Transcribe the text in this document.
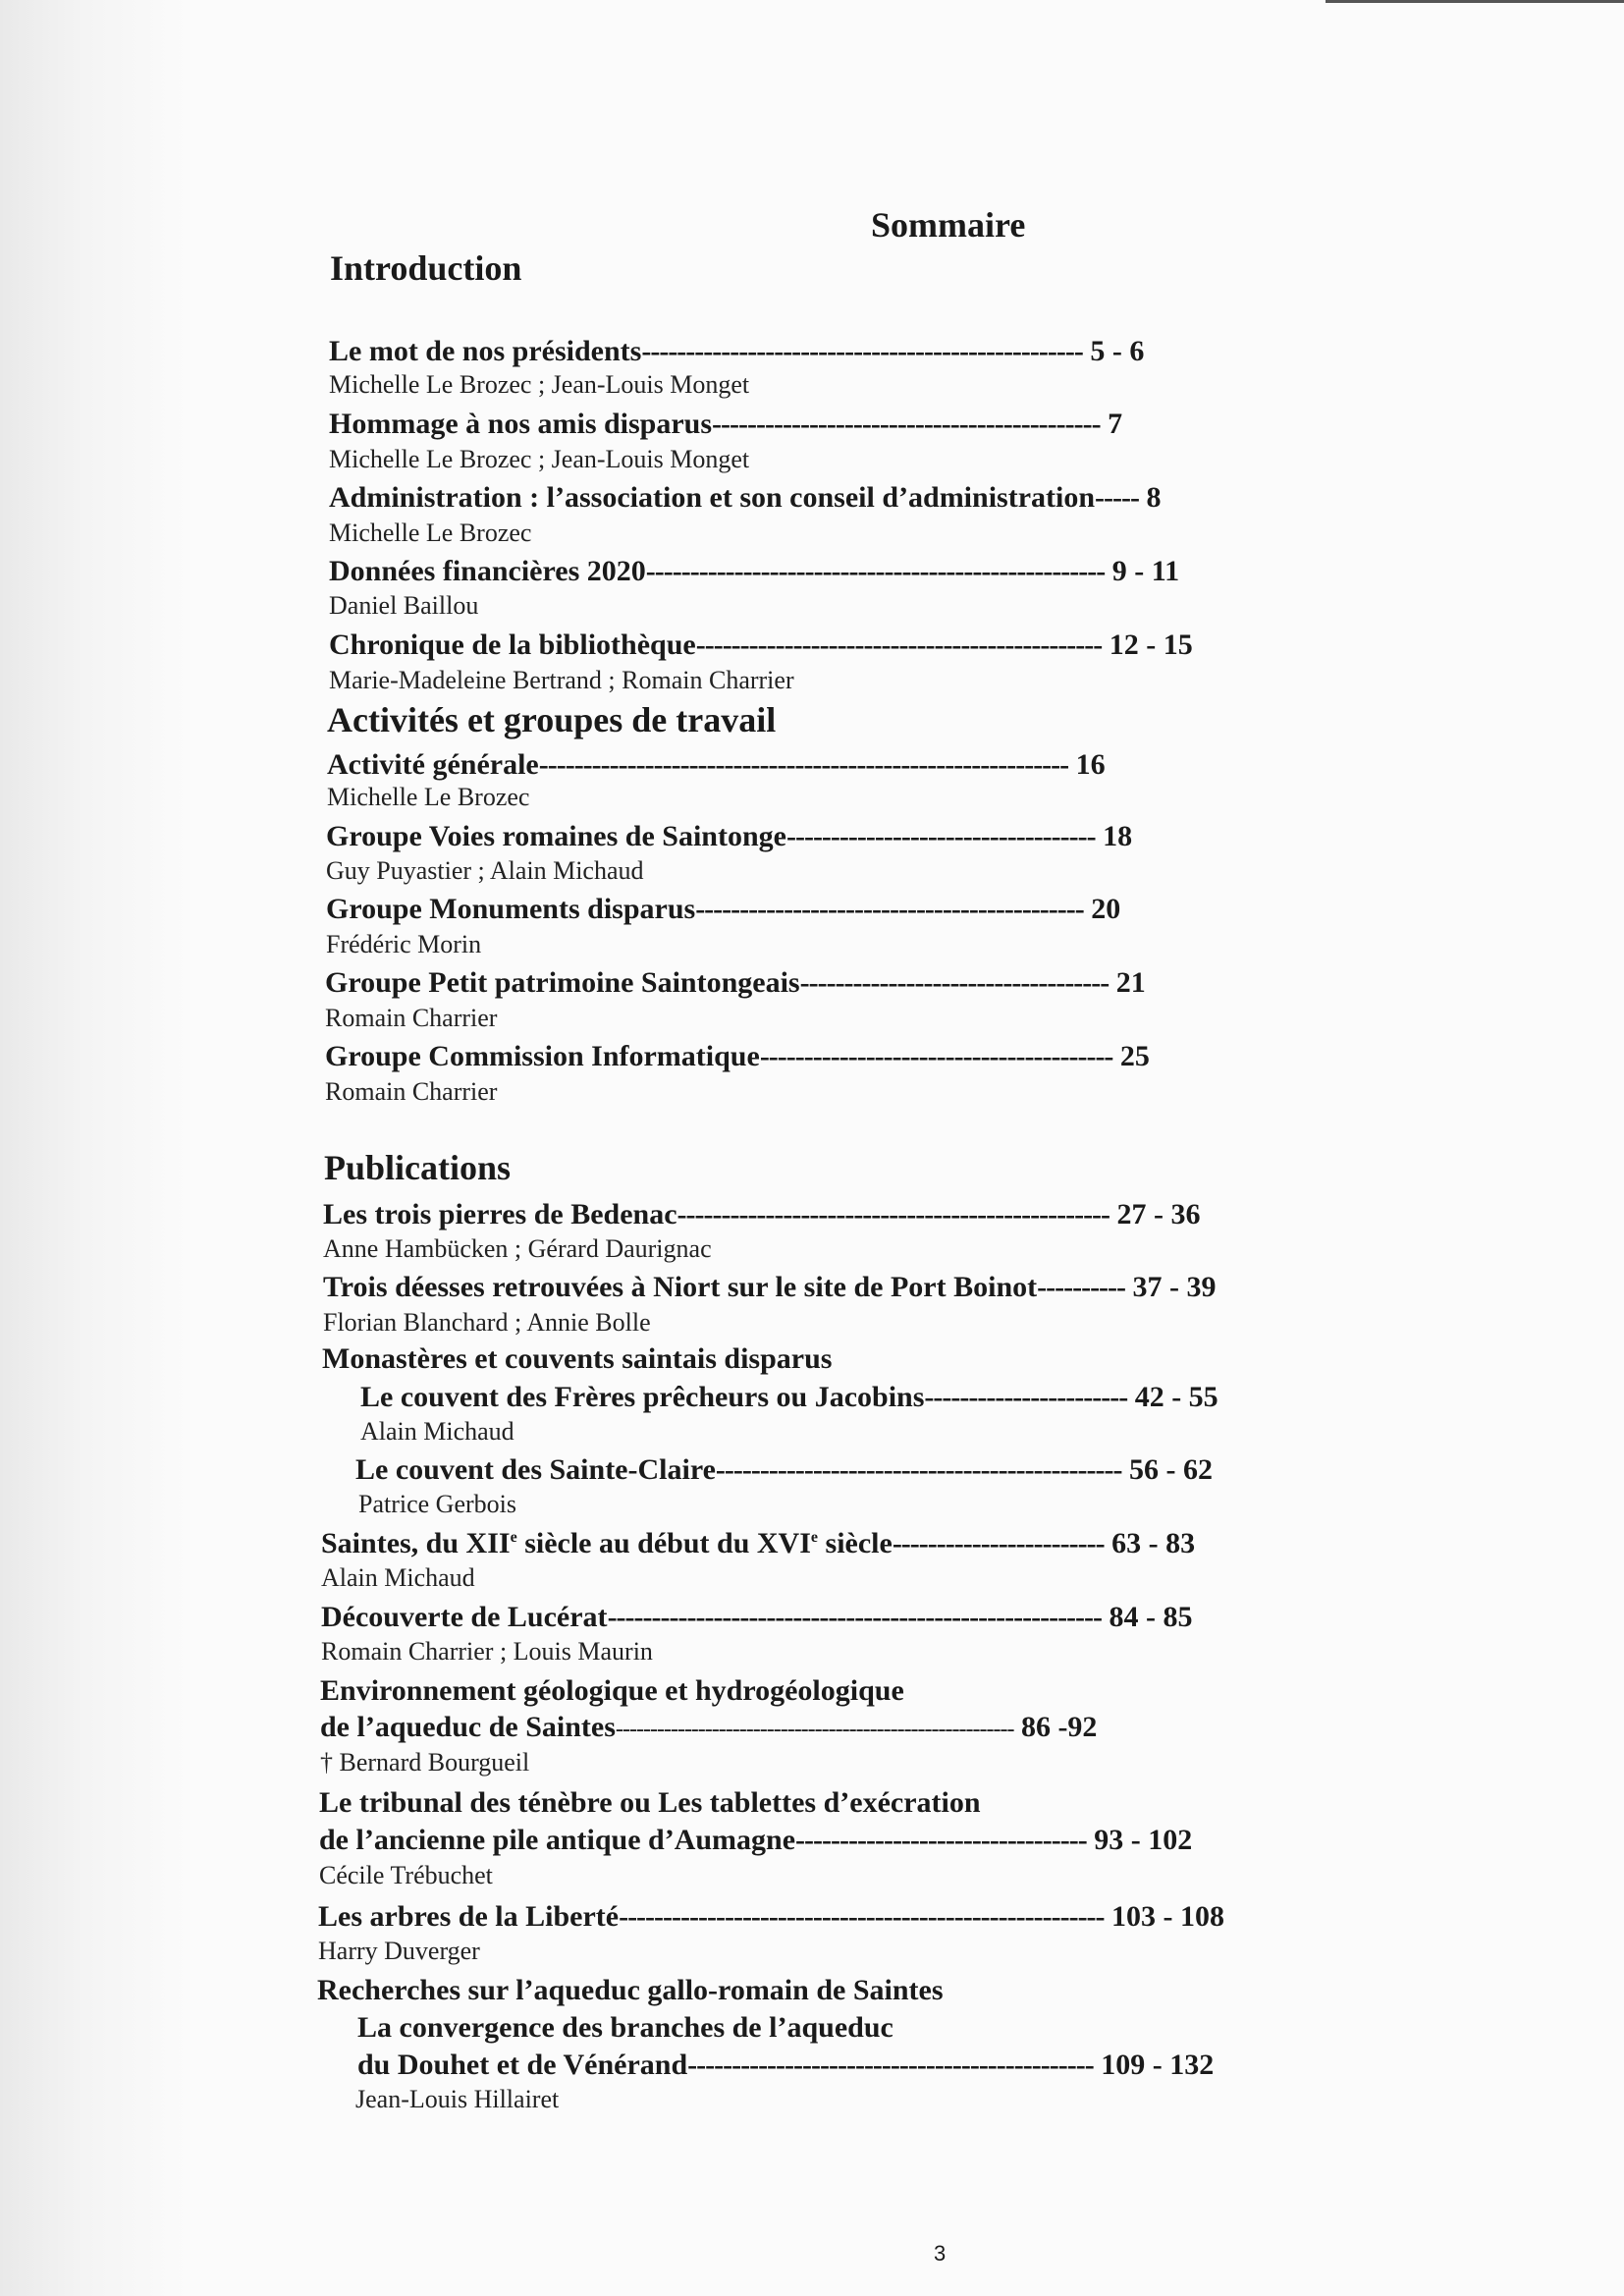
Sommaire
Introduction
Le mot de nos présidents-------------------------------------------------- 5 - 6
Michelle Le Brozec ; Jean-Louis Monget
Hommage à nos amis disparus-------------------------------------------- 7
Michelle Le Brozec ; Jean-Louis Monget
Administration : l’association et son conseil d’administration----- 8
Michelle Le Brozec
Données financières 2020---------------------------------------------------- 9 - 11
Daniel Baillou
Chronique de la bibliothèque---------------------------------------------- 12 - 15
Marie-Madeleine Bertrand ; Romain Charrier
Activités et groupes de travail
Activité générale------------------------------------------------------------ 16
Michelle Le Brozec
Groupe Voies romaines de Saintonge----------------------------------- 18
Guy Puyastier ; Alain Michaud
Groupe Monuments disparus-------------------------------------------- 20
Frédéric Morin
Groupe Petit patrimoine Saintongeais----------------------------------- 21
Romain Charrier
Groupe Commission Informatique---------------------------------------- 25
Romain Charrier
Publications
Les trois pierres de Bedenac------------------------------------------------- 27 - 36
Anne Hambücken ; Gérard Daurignac
Trois déesses retrouvées à Niort sur le site de Port Boinot---------- 37 - 39
Florian Blanchard ; Annie Bolle
Monastères et couvents saintais disparus
Le couvent des Frères prêcheurs ou Jacobins----------------------- 42 - 55
Alain Michaud
Le couvent des Sainte-Claire---------------------------------------------- 56 - 62
Patrice Gerbois
Saintes, du XIIe siècle au début du XVIe siècle------------------------ 63 - 83
Alain Michaud
Découverte de Lucérat-------------------------------------------------------- 84 - 85
Romain Charrier ; Louis Maurin
Environnement géologique et hydrogéologique
de l’aqueduc de Saintes---------------------------------------------------------- 86 -92
† Bernard Bourgueil
Le tribunal des ténèbre ou Les tablettes d’exécration
de l’ancienne pile antique d’Aumagne--------------------------------- 93 - 102
Cécile Trébuchet
Les arbres de la Liberté------------------------------------------------------- 103 - 108
Harry Duverger
Recherches sur l’aqueduc gallo-romain de Saintes
La convergence des branches de l’aqueduc
du Douhet et de Vénérand---------------------------------------------- 109 - 132
Jean-Louis Hillairet
3
